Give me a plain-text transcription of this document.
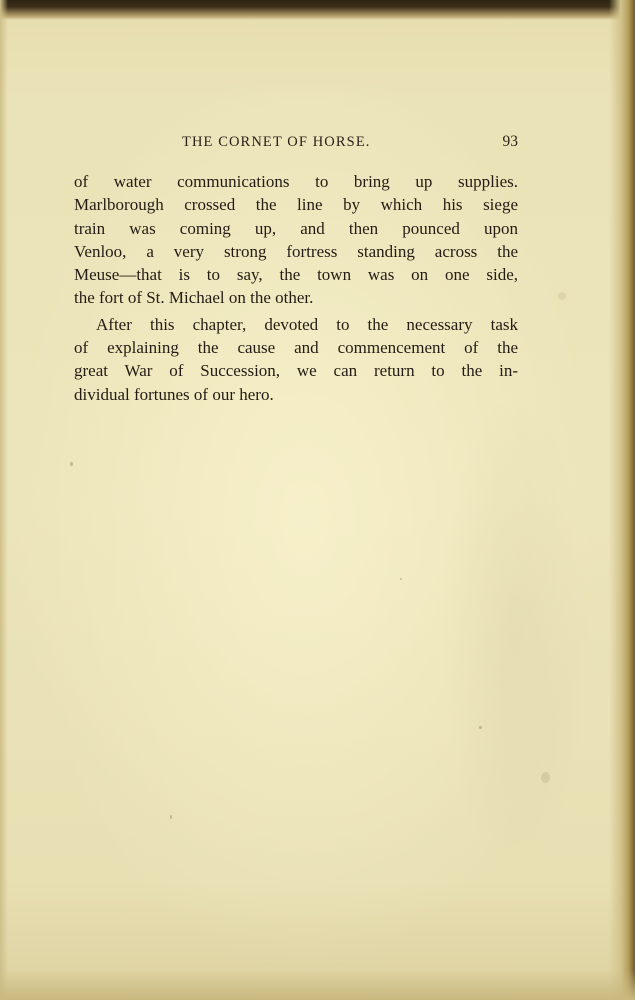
THE CORNET OF HORSE.	93
of water communications to bring up supplies.
Marlborough crossed the line by which his siege
train was coming up, and then pounced upon
Venloo, a very strong fortress standing across the
Meuse—that is to say, the town was on one side,
the fort of St. Michael on the other.
After this chapter, devoted to the necessary task
of explaining the cause and commencement of the
great War of Succession, we can return to the in-
dividual fortunes of our hero.
